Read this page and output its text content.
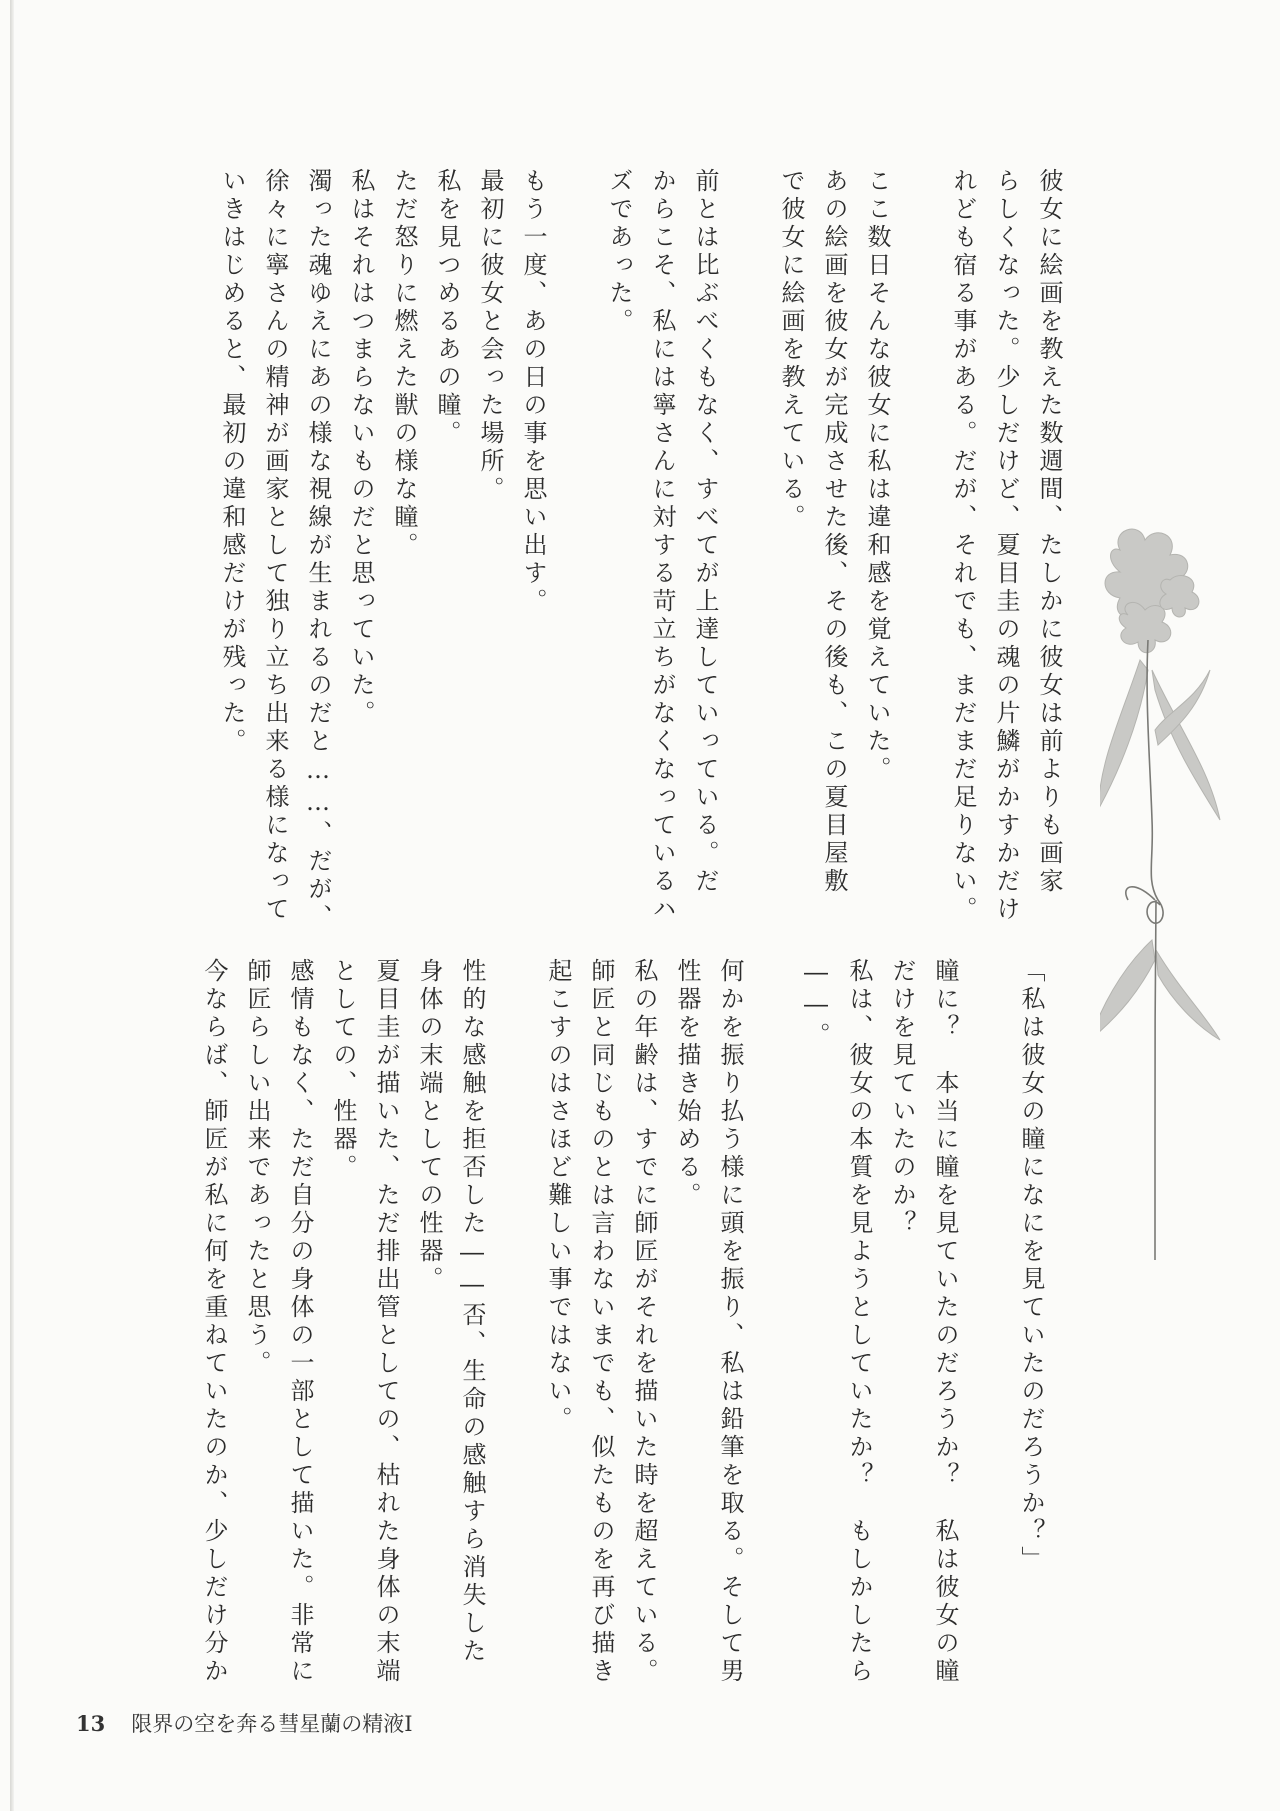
彼女に絵画を教えた数週間、たしかに彼女は前よりも画家
らしくなった。少しだけど、夏目圭の魂の片鱗がかすかだけ
れども宿る事がある。だが、それでも、まだまだ足りない。

ここ数日そんな彼女に私は違和感を覚えていた。
あの絵画を彼女が完成させた後、その後も、この夏目屋敷
で彼女に絵画を教えている。

前とは比ぶべくもなく、すべてが上達していっている。だ
からこそ、私には寧さんに対する苛立ちがなくなっているハ
ズであった。

もう一度、あの日の事を思い出す。
最初に彼女と会った場所。
私を見つめるあの瞳。
ただ怒りに燃えた獣の様な瞳。
私はそれはつまらないものだと思っていた。
濁った魂ゆえにあの様な視線が生まれるのだと……、だが、
徐々に寧さんの精神が画家として独り立ち出来る様になって
いきはじめると、最初の違和感だけが残った。
「私は彼女の瞳になにを見ていたのだろうか？」

瞳に？　本当に瞳を見ていたのだろうか？　私は彼女の瞳
だけを見ていたのか？
私は、彼女の本質を見ようとしていたか？　もしかしたら
――。

何かを振り払う様に頭を振り、私は鉛筆を取る。そして男
性器を描き始める。
私の年齢は、すでに師匠がそれを描いた時を超えている。
師匠と同じものとは言わないまでも、似たものを再び描き
起こすのはさほど難しい事ではない。

性的な感触を拒否した――否、生命の感触すら消失した
身体の末端としての性器。
夏目圭が描いた、ただ排出管としての、枯れた身体の末端
としての、性器。
感情もなく、ただ自分の身体の一部として描いた。非常に
師匠らしい出来であったと思う。
今ならば、師匠が私に何を重ねていたのか、少しだけ分か
13 限界の空を奔る彗星蘭の精液Ⅰ
